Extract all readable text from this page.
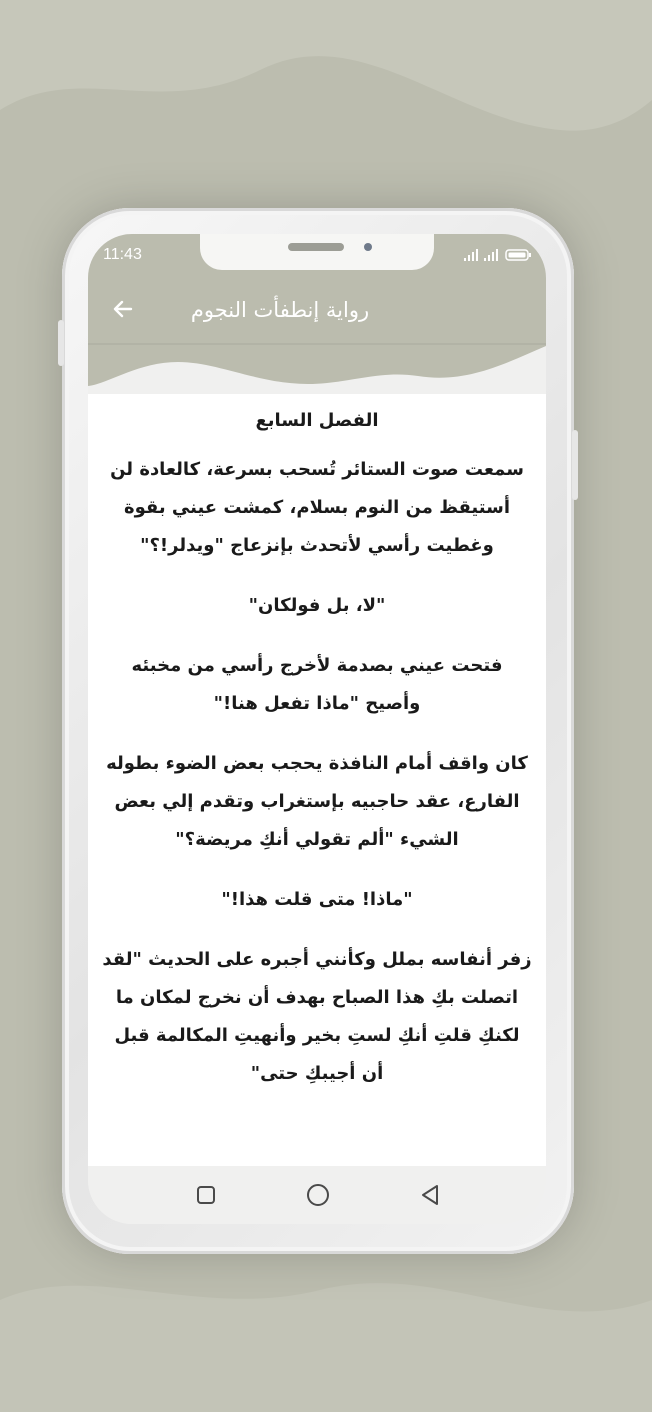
11:43
رواية إنطفأت النجوم
الفصل السابع

سمعت صوت الستائر تُسحب بسرعة، كالعادة لن أستيقظ من النوم بسلام، كمشت عيني بقوة وغطيت رأسي لأتحدث بإنزعاج "ويدلر!؟"

"لا، بل فولكان"

فتحت عيني بصدمة لأخرج رأسي من مخبئه وأصيح "ماذا تفعل هنا!"

كان واقف أمام النافذة يحجب بعض الضوء بطوله الفارع، عقد حاجبيه بإستغراب وتقدم إلي بعض الشيء "ألم تقولي أنكِ مريضة؟"

"ماذا! متى قلت هذا!"

زفر أنفاسه بملل وكأنني أجبره على الحديث "لقد اتصلت بكِ هذا الصباح بهدف أن نخرج لمكان ما لكنكِ قلتِ أنكِ لستِ بخير وأنهيتِ المكالمة قبل أن أجيبكِ حتى"
